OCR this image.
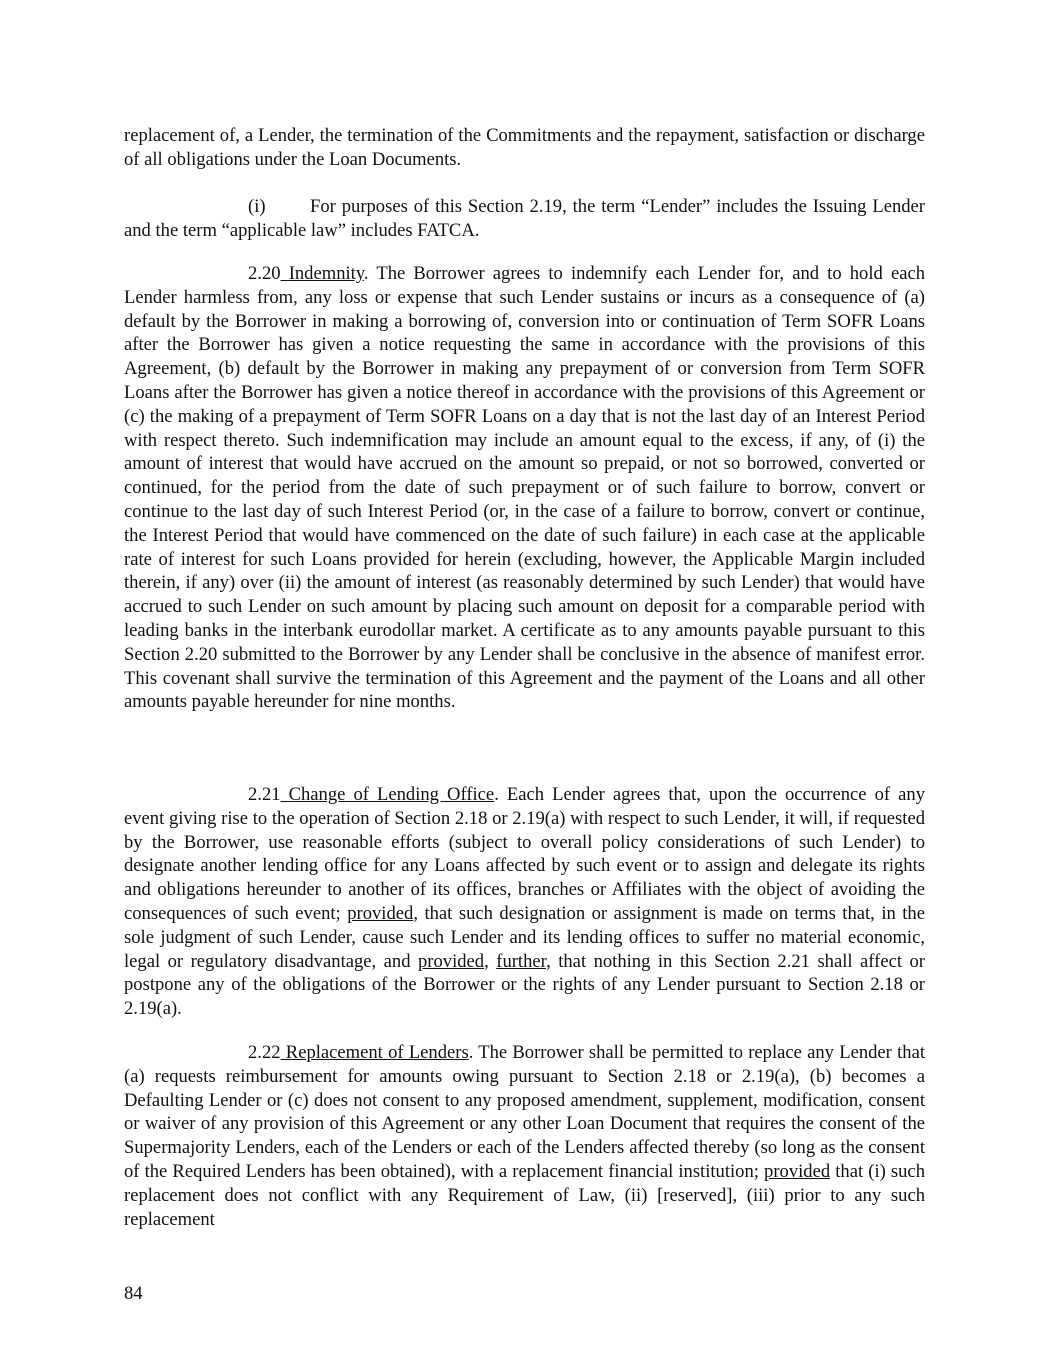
replacement of, a Lender, the termination of the Commitments and the repayment, satisfaction or discharge of all obligations under the Loan Documents.

(i) For purposes of this Section 2.19, the term “Lender” includes the Issuing Lender and the term “applicable law” includes FATCA.

2.20 Indemnity. The Borrower agrees to indemnify each Lender for, and to hold each Lender harmless from, any loss or expense that such Lender sustains or incurs as a consequence of (a) default by the Borrower in making a borrowing of, conversion into or continuation of Term SOFR Loans after the Borrower has given a notice requesting the same in accordance with the provisions of this Agreement, (b) default by the Borrower in making any prepayment of or conversion from Term SOFR Loans after the Borrower has given a notice thereof in accordance with the provisions of this Agreement or (c) the making of a prepayment of Term SOFR Loans on a day that is not the last day of an Interest Period with respect thereto. Such indemnification may include an amount equal to the excess, if any, of (i) the amount of interest that would have accrued on the amount so prepaid, or not so borrowed, converted or continued, for the period from the date of such prepayment or of such failure to borrow, convert or continue to the last day of such Interest Period (or, in the case of a failure to borrow, convert or continue, the Interest Period that would have commenced on the date of such failure) in each case at the applicable rate of interest for such Loans provided for herein (excluding, however, the Applicable Margin included therein, if any) over (ii) the amount of interest (as reasonably determined by such Lender) that would have accrued to such Lender on such amount by placing such amount on deposit for a comparable period with leading banks in the interbank eurodollar market. A certificate as to any amounts payable pursuant to this Section 2.20 submitted to the Borrower by any Lender shall be conclusive in the absence of manifest error. This covenant shall survive the termination of this Agreement and the payment of the Loans and all other amounts payable hereunder for nine months.

2.21 Change of Lending Office. Each Lender agrees that, upon the occurrence of any event giving rise to the operation of Section 2.18 or 2.19(a) with respect to such Lender, it will, if requested by the Borrower, use reasonable efforts (subject to overall policy considerations of such Lender) to designate another lending office for any Loans affected by such event or to assign and delegate its rights and obligations hereunder to another of its offices, branches or Affiliates with the object of avoiding the consequences of such event; provided, that such designation or assignment is made on terms that, in the sole judgment of such Lender, cause such Lender and its lending offices to suffer no material economic, legal or regulatory disadvantage, and provided, further, that nothing in this Section 2.21 shall affect or postpone any of the obligations of the Borrower or the rights of any Lender pursuant to Section 2.18 or 2.19(a).

2.22 Replacement of Lenders. The Borrower shall be permitted to replace any Lender that (a) requests reimbursement for amounts owing pursuant to Section 2.18 or 2.19(a), (b) becomes a Defaulting Lender or (c) does not consent to any proposed amendment, supplement, modification, consent or waiver of any provision of this Agreement or any other Loan Document that requires the consent of the Supermajority Lenders, each of the Lenders or each of the Lenders affected thereby (so long as the consent of the Required Lenders has been obtained), with a replacement financial institution; provided that (i) such replacement does not conflict with any Requirement of Law, (ii) [reserved], (iii) prior to any such replacement

84
